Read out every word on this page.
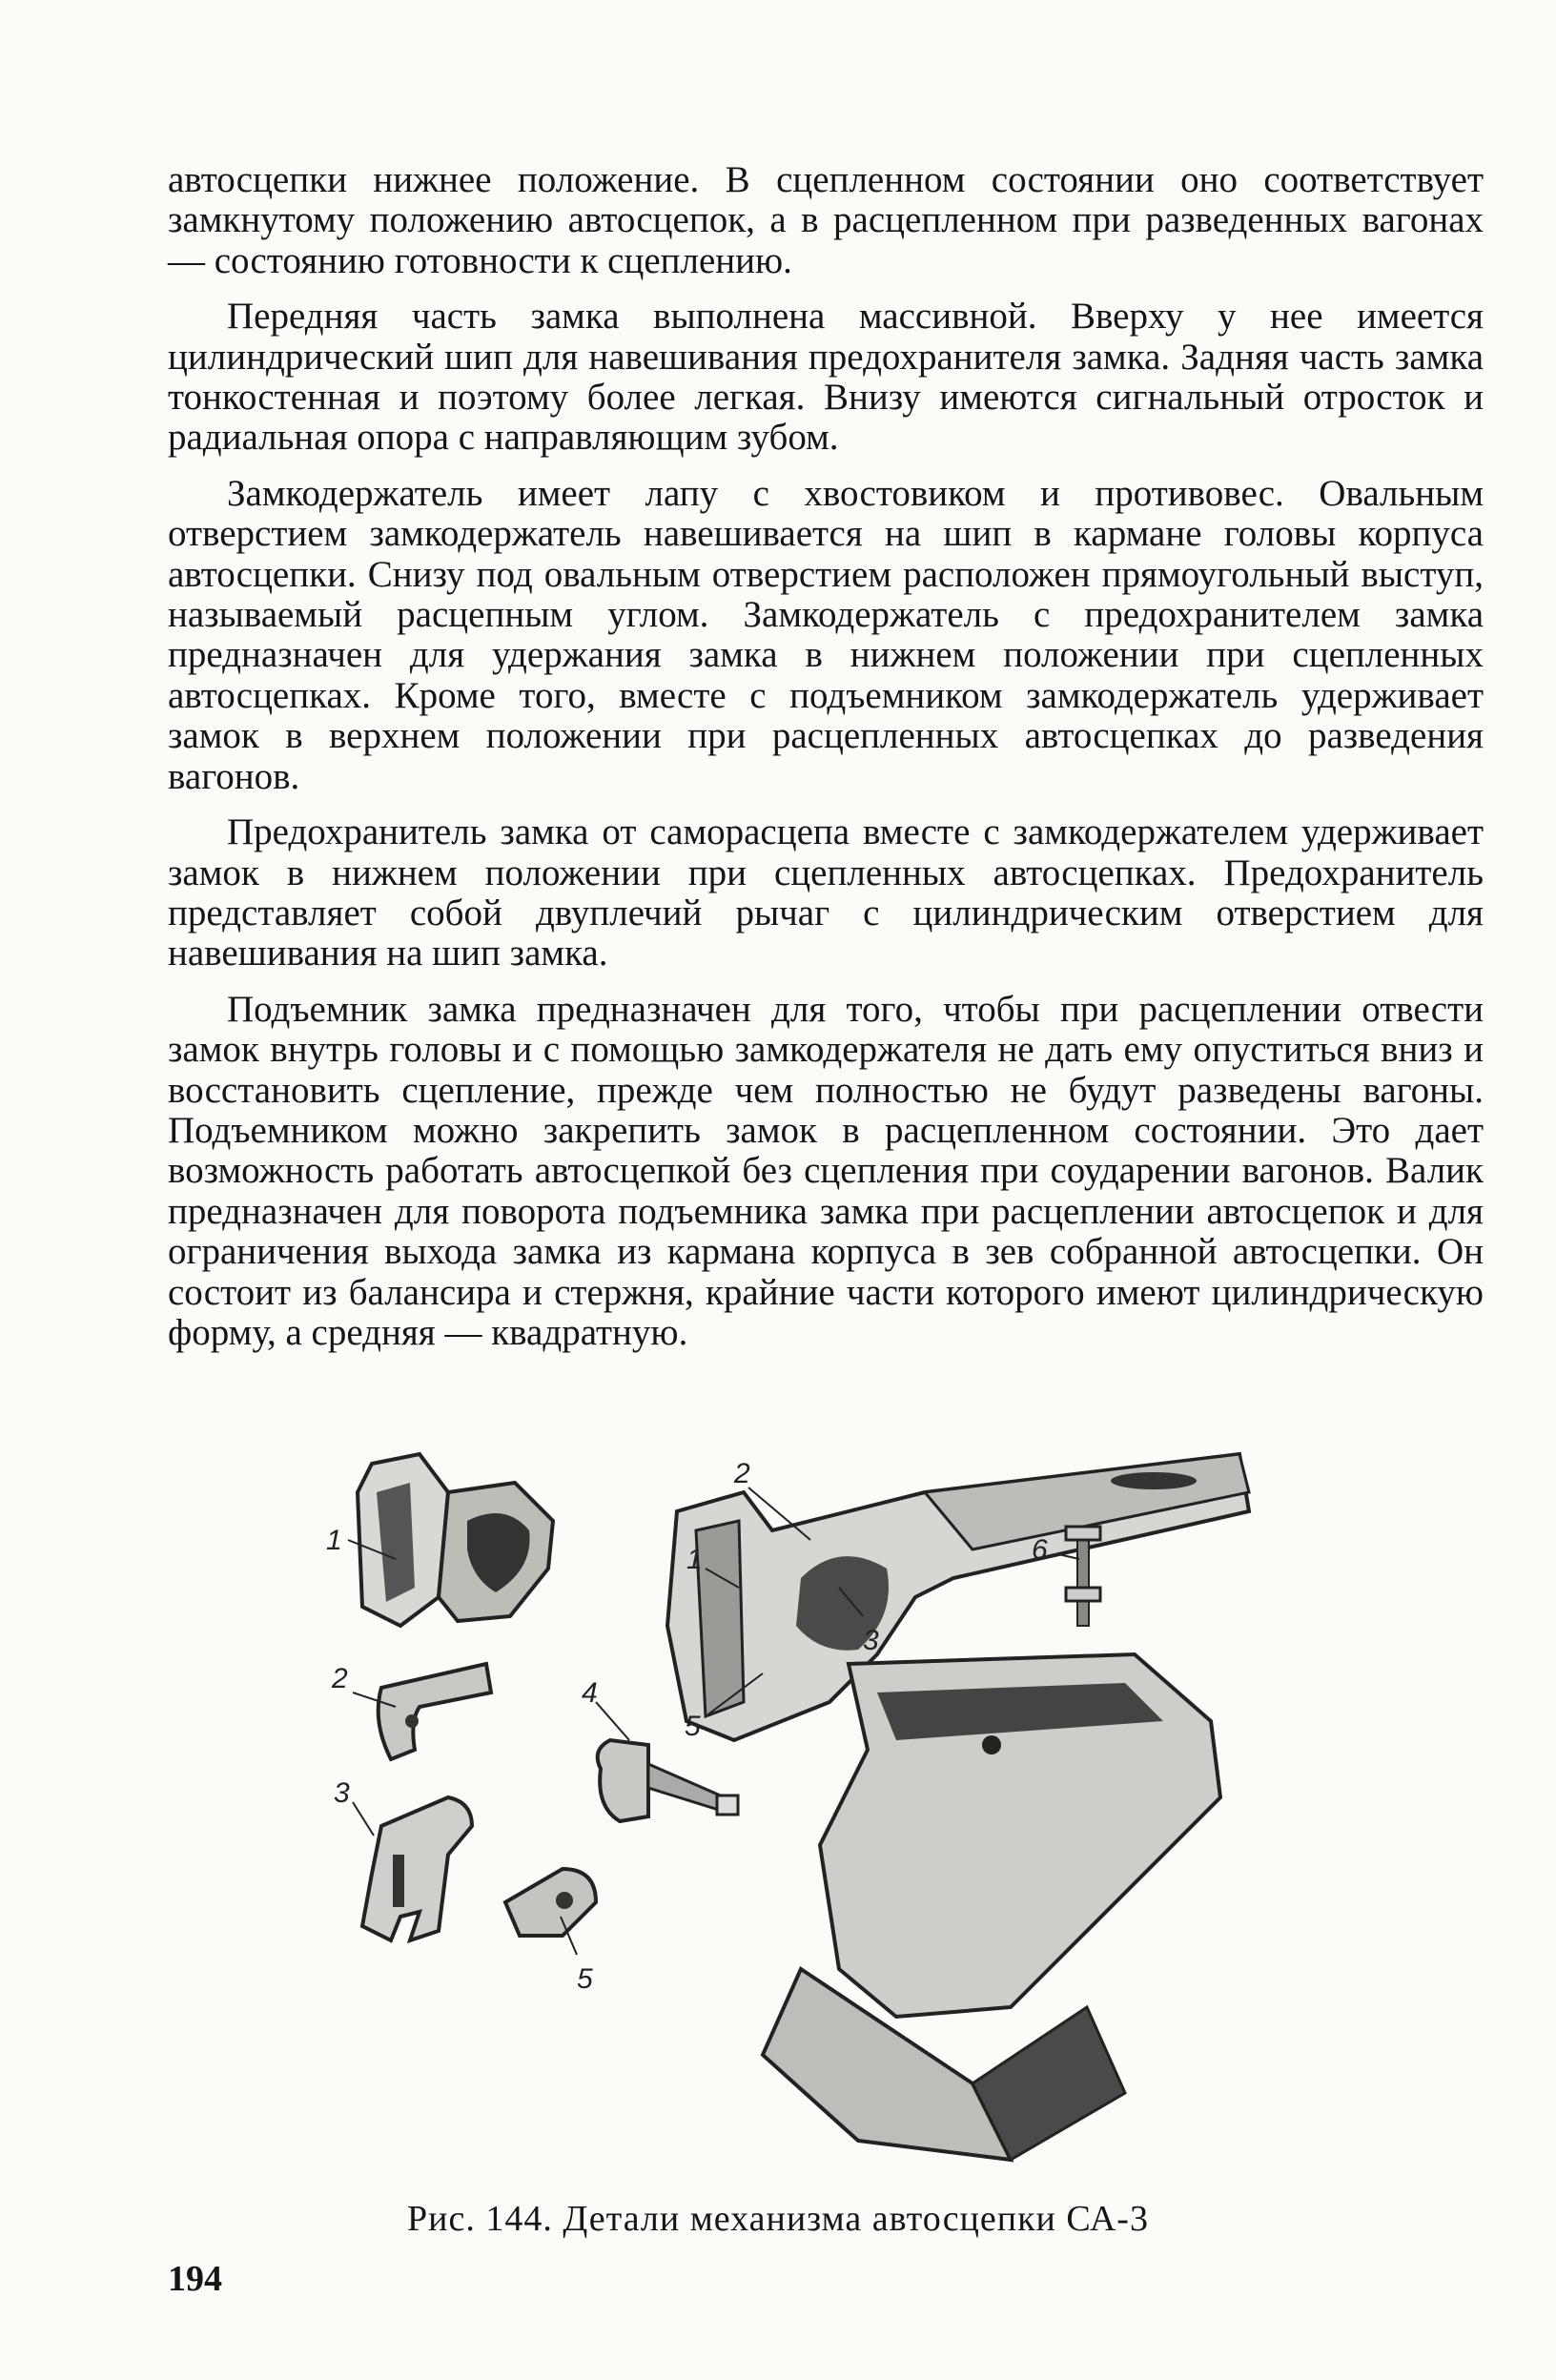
автосцепки нижнее положение. В сцепленном состоянии оно соответствует замкнутому положению автосцепок, а в расцепленном при разведенных вагонах — состоянию готовности к сцеплению.

Передняя часть замка выполнена массивной. Вверху у нее имеется цилиндрический шип для навешивания предохранителя замка. Задняя часть замка тонкостенная и поэтому более легкая. Внизу имеются сигнальный отросток и радиальная опора с направляющим зубом.

Замкодержатель имеет лапу с хвостовиком и противовес. Овальным отверстием замкодержатель навешивается на шип в кармане головы корпуса автосцепки. Снизу под овальным отверстием расположен прямоугольный выступ, называемый расцепным углом. Замкодержатель с предохранителем замка предназначен для удержания замка в нижнем положении при сцепленных автосцепках. Кроме того, вместе с подъемником замкодержатель удерживает замок в верхнем положении при расцепленных автосцепках до разведения вагонов.

Предохранитель замка от саморасцепа вместе с замкодержателем удерживает замок в нижнем положении при сцепленных автосцепках. Предохранитель представляет собой двуплечий рычаг с цилиндрическим отверстием для навешивания на шип замка.

Подъемник замка предназначен для того, чтобы при расцеплении отвести замок внутрь головы и с помощью замкодержателя не дать ему опуститься вниз и восстановить сцепление, прежде чем полностью не будут разведены вагоны. Подъемником можно закрепить замок в расцепленном состоянии. Это дает возможность работать автосцепкой без сцепления при соударении вагонов. Валик предназначен для поворота подъемника замка при расцеплении автосцепок и для ограничения выхода замка из кармана корпуса в зев собранной автосцепки. Он состоит из балансира и стержня, крайние части которого имеют цилиндрическую форму, а средняя — квадратную.

1
2
3
4
5
6
1
2
3
5
Рис. 144. Детали механизма автосцепки СА-3
194
